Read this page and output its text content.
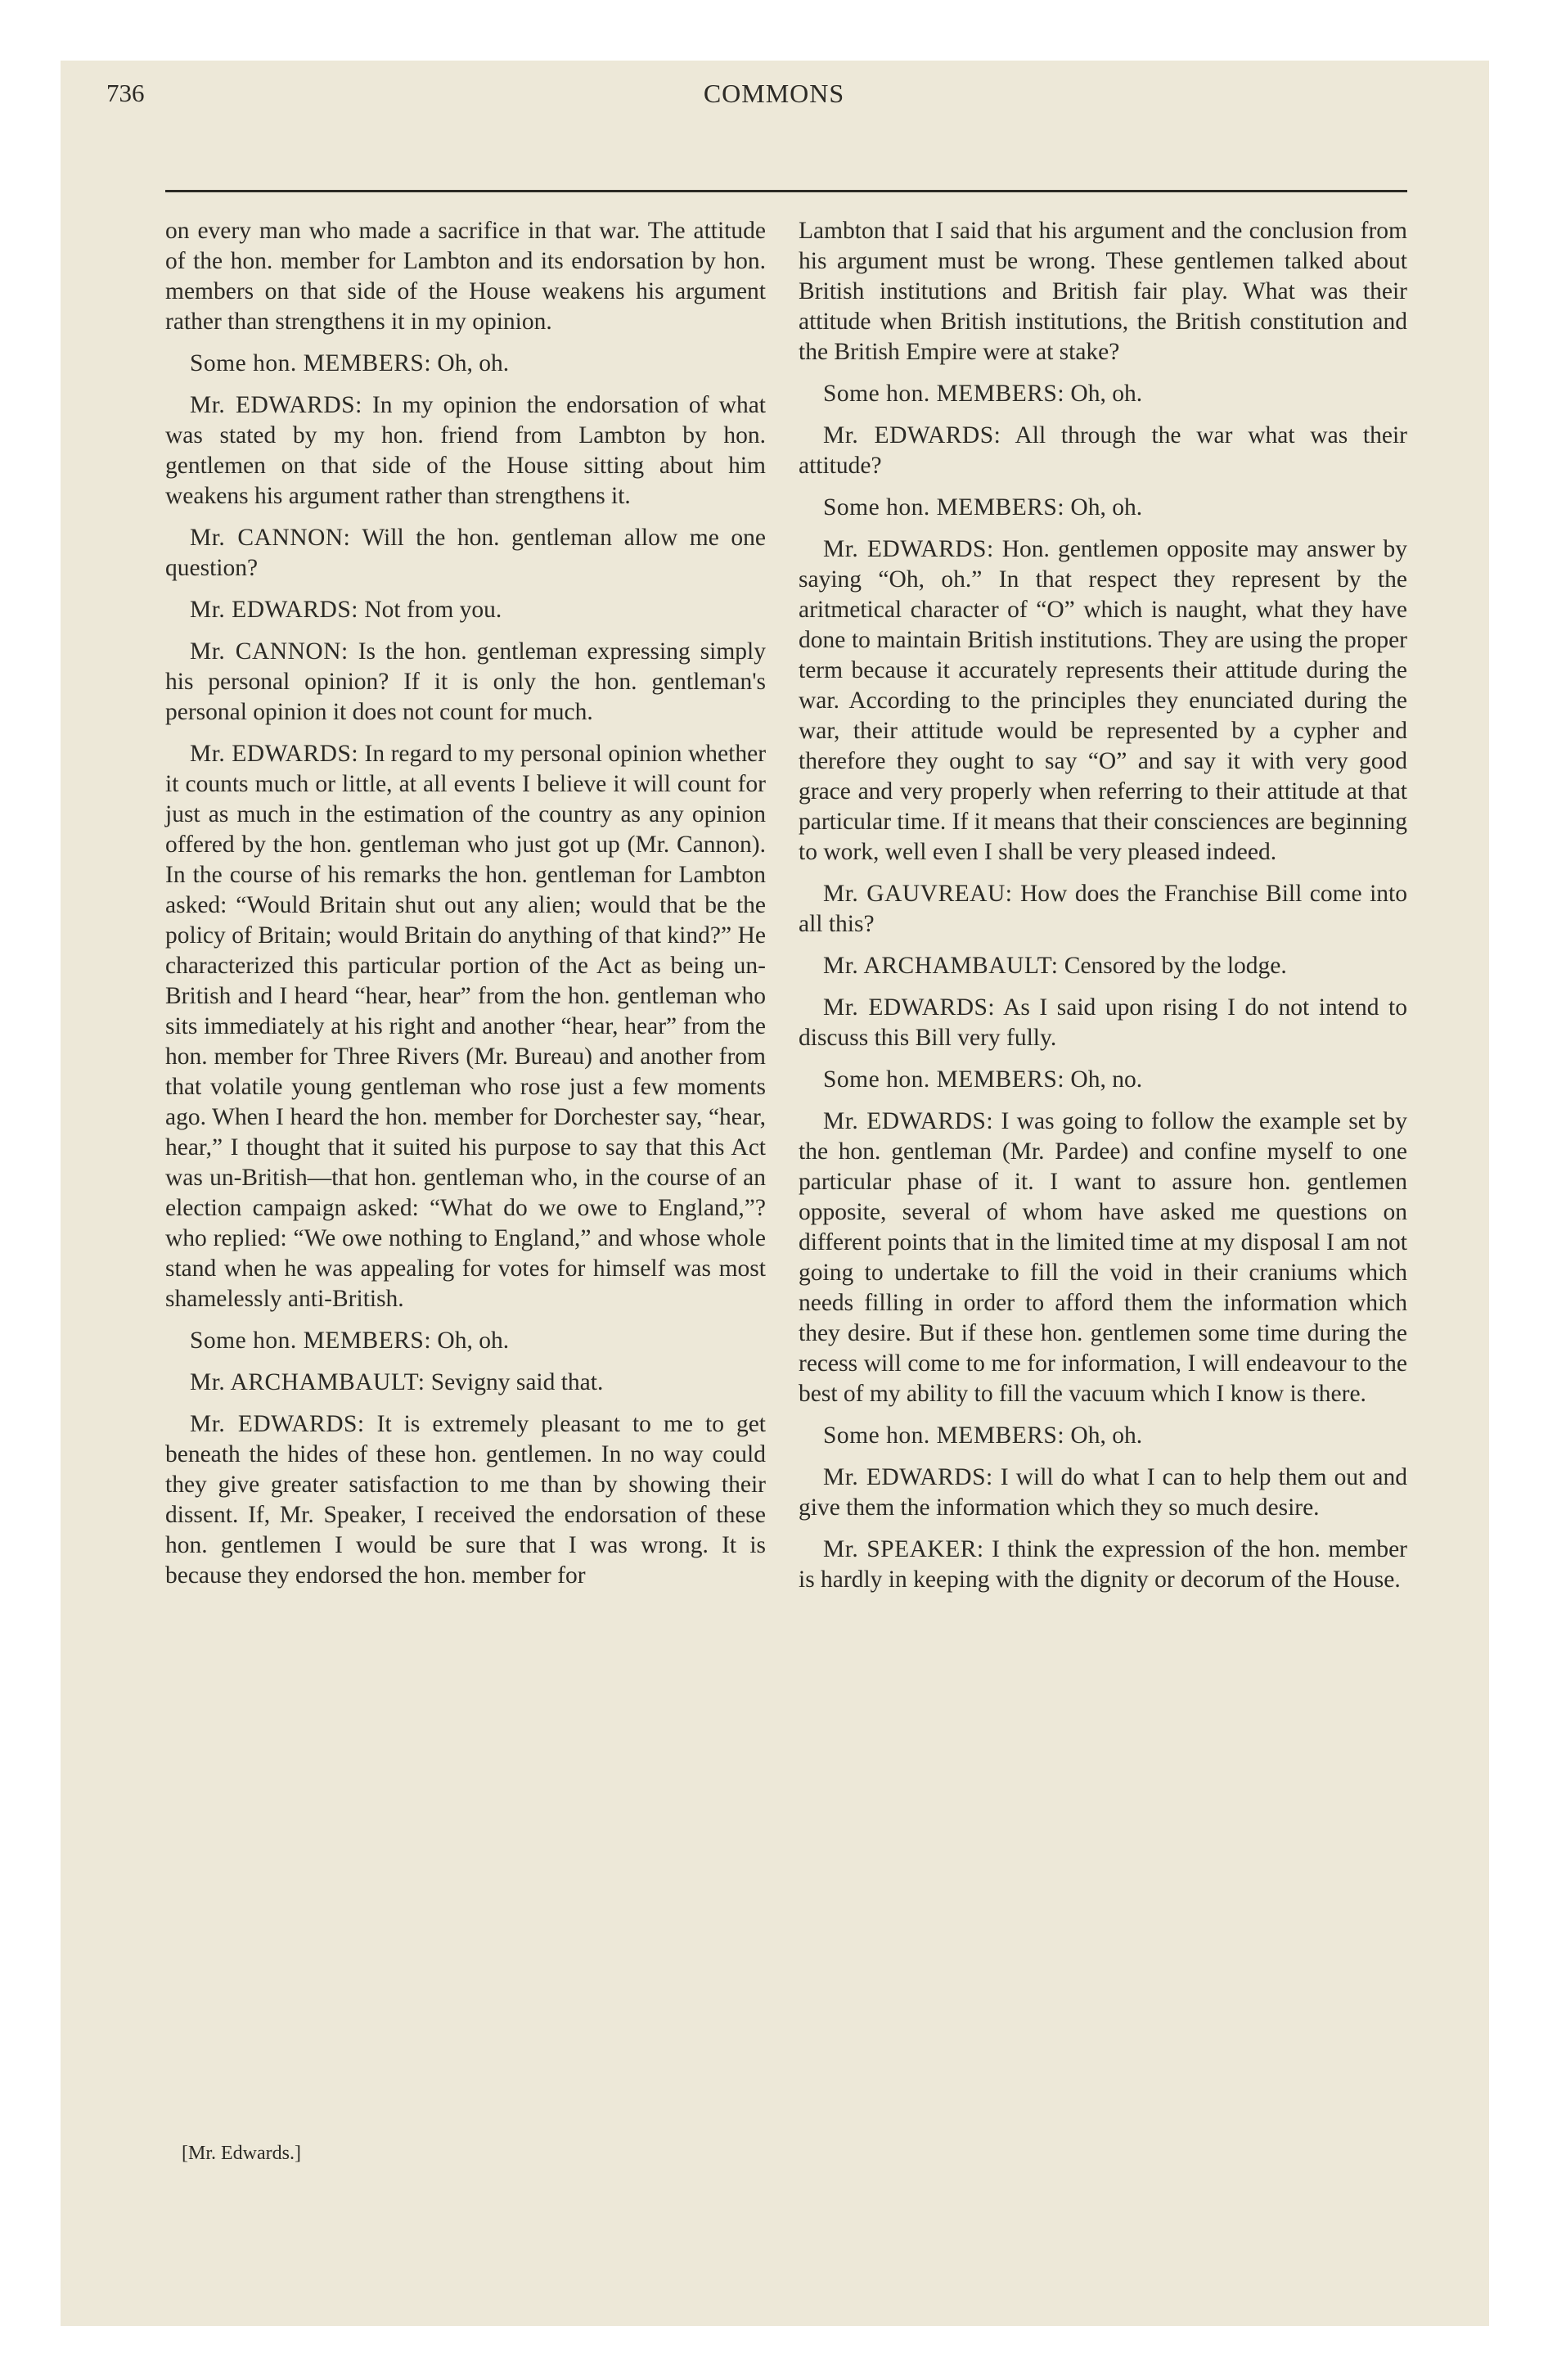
736	COMMONS

on every man who made a sacrifice in that war. The attitude of the hon. member for Lambton and its endorsation by hon. members on that side of the House weakens his argument rather than strengthens it in my opinion.

Some hon. MEMBERS: Oh, oh.

Mr. EDWARDS: In my opinion the endorsation of what was stated by my hon. friend from Lambton by hon. gentlemen on that side of the House sitting about him weakens his argument rather than strengthens it.

Mr. CANNON: Will the hon. gentleman allow me one question?

Mr. EDWARDS: Not from you.

Mr. CANNON: Is the hon. gentleman expressing simply his personal opinion? If it is only the hon. gentleman's personal opinion it does not count for much.

Mr. EDWARDS: In regard to my personal opinion whether it counts much or little, at all events I believe it will count for just as much in the estimation of the country as any opinion offered by the hon. gentleman who just got up (Mr. Cannon). In the course of his remarks the hon. gentleman for Lambton asked: “Would Britain shut out any alien; would that be the policy of Britain; would Britain do anything of that kind?” He characterized this particular portion of the Act as being un-British and I heard “hear, hear” from the hon. gentleman who sits immediately at his right and another “hear, hear” from the hon. member for Three Rivers (Mr. Bureau) and another from that volatile young gentleman who rose just a few moments ago. When I heard the hon. member for Dorchester say, “hear, hear,” I thought that it suited his purpose to say that this Act was un-British—that hon. gentleman who, in the course of an election campaign asked: “What do we owe to England,”? who replied: “We owe nothing to England,” and whose whole stand when he was appealing for votes for himself was most shamelessly anti-British.

Some hon. MEMBERS: Oh, oh.

Mr. ARCHAMBAULT: Sevigny said that.

Mr. EDWARDS: It is extremely pleasant to me to get beneath the hides of these hon. gentlemen. In no way could they give greater satisfaction to me than by showing their dissent. If, Mr. Speaker, I received the endorsation of these hon. gentlemen I would be sure that I was wrong. It is because they endorsed the hon. member for

Lambton that I said that his argument and the conclusion from his argument must be wrong. These gentlemen talked about British institutions and British fair play. What was their attitude when British institutions, the British constitution and the British Empire were at stake?

Some hon. MEMBERS: Oh, oh.

Mr. EDWARDS: All through the war what was their attitude?

Some hon. MEMBERS: Oh, oh.

Mr. EDWARDS: Hon. gentlemen opposite may answer by saying “Oh, oh.” In that respect they represent by the aritmetical character of “O” which is naught, what they have done to maintain British institutions. They are using the proper term because it accurately represents their attitude during the war. According to the principles they enunciated during the war, their attitude would be represented by a cypher and therefore they ought to say “O” and say it with very good grace and very properly when referring to their attitude at that particular time. If it means that their consciences are beginning to work, well even I shall be very pleased indeed.

Mr. GAUVREAU: How does the Franchise Bill come into all this?

Mr. ARCHAMBAULT: Censored by the lodge.

Mr. EDWARDS: As I said upon rising I do not intend to discuss this Bill very fully.

Some hon. MEMBERS: Oh, no.

Mr. EDWARDS: I was going to follow the example set by the hon. gentleman (Mr. Pardee) and confine myself to one particular phase of it. I want to assure hon. gentlemen opposite, several of whom have asked me questions on different points that in the limited time at my disposal I am not going to undertake to fill the void in their craniums which needs filling in order to afford them the information which they desire. But if these hon. gentlemen some time during the recess will come to me for information, I will endeavour to the best of my ability to fill the vacuum which I know is there.

Some hon. MEMBERS: Oh, oh.

Mr. EDWARDS: I will do what I can to help them out and give them the information which they so much desire.

Mr. SPEAKER: I think the expression of the hon. member is hardly in keeping with the dignity or decorum of the House.

[Mr. Edwards.]
